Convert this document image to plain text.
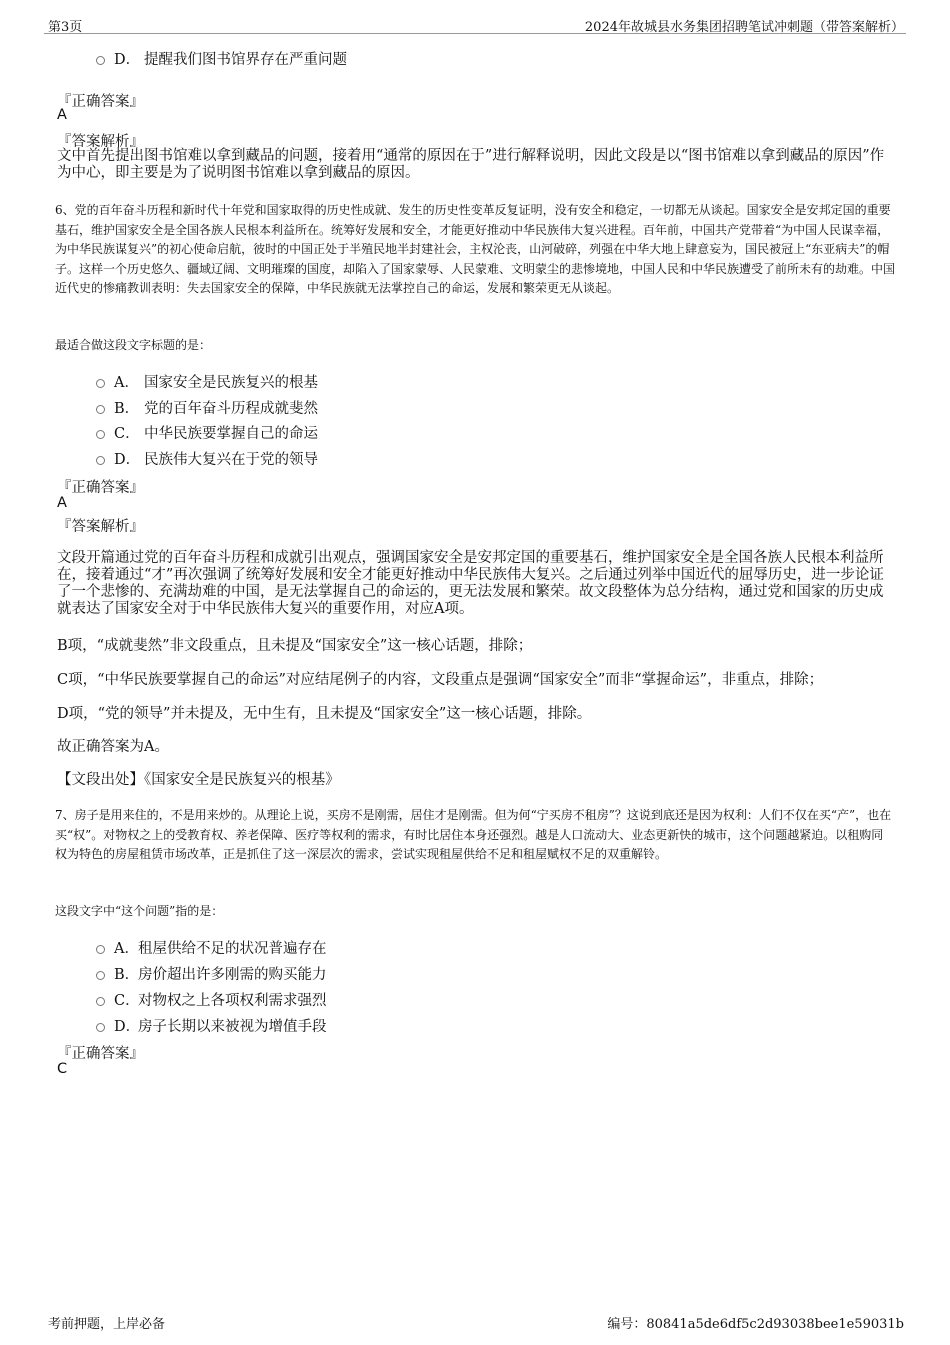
第3页	2024年故城县水务集团招聘笔试冲刺题（带答案解析）
D． 提醒我们图书馆界存在严重问题
『正确答案』
A
『答案解析』
文中首先提出图书馆难以拿到藏品的问题，接着用“通常的原因在于”进行解释说明，因此文段是以“图书馆难以拿到藏品的原因”作为中心，即主要是为了说明图书馆难以拿到藏品的原因。
6、党的百年奋斗历程和新时代十年党和国家取得的历史性成就、发生的历史性变革反复证明，没有安全和稳定，一切都无从谈起。国家安全是安邦定国的重要基石，维护国家安全是全国各族人民根本利益所在。统筹好发展和安全，才能更好推动中华民族伟大复兴进程。百年前，中国共产党带着“为中国人民谋幸福，为中华民族谋复兴”的初心使命启航，彼时的中国正处于半殖民地半封建社会，主权沦丧，山河破碎，列强在中华大地上肆意妄为，国民被冠上“东亚病夫”的帽子。这样一个历史悠久、疆域辽阔、文明璀璨的国度，却陷入了国家蒙辱、人民蒙难、文明蒙尘的悲惨境地，中国人民和中华民族遭受了前所未有的劫难。中国近代史的惨痛教训表明：失去国家安全的保障，中华民族就无法掌控自己的命运，发展和繁荣更无从谈起。
最适合做这段文字标题的是：
A． 国家安全是民族复兴的根基
B． 党的百年奋斗历程成就斐然
C． 中华民族要掌握自己的命运
D． 民族伟大复兴在于党的领导
『正确答案』
A
『答案解析』
文段开篇通过党的百年奋斗历程和成就引出观点，强调国家安全是安邦定国的重要基石，维护国家安全是全国各族人民根本利益所在，接着通过“才”再次强调了统筹好发展和安全才能更好推动中华民族伟大复兴。之后通过列举中国近代的屈辱历史，进一步论证了一个悲惨的、充满劫难的中国，是无法掌握自己的命运的，更无法发展和繁荣。故文段整体为总分结构，通过党和国家的历史成就表达了国家安全对于中华民族伟大复兴的重要作用，对应A项。
B项，“成就斐然”非文段重点，且未提及“国家安全”这一核心话题，排除；
C项，“中华民族要掌握自己的命运”对应结尾例子的内容，文段重点是强调“国家安全”而非“掌握命运”，非重点，排除；
D项，“党的领导”并未提及，无中生有，且未提及“国家安全”这一核心话题，排除。
故正确答案为A。
【文段出处】《国家安全是民族复兴的根基》
7、房子是用来住的，不是用来炒的。从理论上说，买房不是刚需，居住才是刚需。但为何“宁买房不租房”？这说到底还是因为权利：人们不仅在买“产”，也在买“权”。对物权之上的受教育权、养老保障、医疗等权利的需求，有时比居住本身还强烈。越是人口流动大、业态更新快的城市，这个问题越紧迫。以租购同权为特色的房屋租赁市场改革，正是抓住了这一深层次的需求，尝试实现租屋供给不足和租屋赋权不足的双重解铃。
这段文字中“这个问题”指的是：
A． 租屋供给不足的状况普遍存在
B．
房价超出许多刚需的购买能力
C．
对物权之上各项权利需求强烈
D．
房子长期以来被视为增值手段
『正确答案』
C
考前押题，上岸必备	编号：80841a5de6df5c2d93038bee1e59031b
